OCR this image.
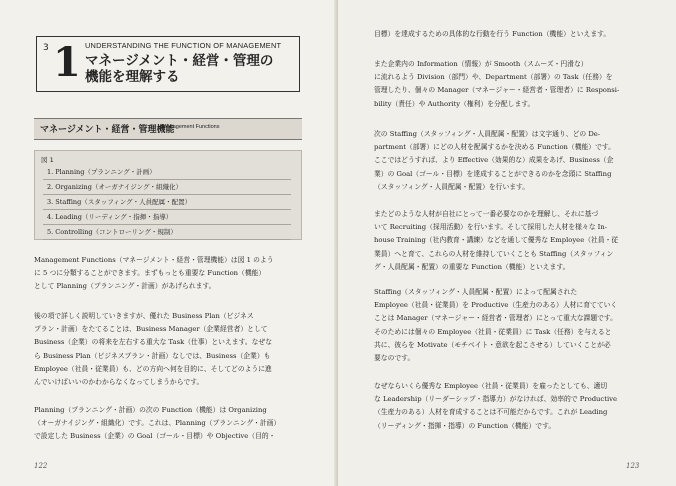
3 1 UNDERSTANDING THE FUNCTION OF MANAGEMENT
マネージメント・経営・管理の
機能を理解する
マネージメント・経営・管理機能
Management Functions
図 1
1. Planning（プランニング・計画）
2. Organizing（オーガナイジング・組織化）
3. Staffing（スタッフィング・人員配属・配置）
4. Leading（リーディング・指揮・指導）
5. Controlling（コントローリング・規制）
Management Functions（マネージメント・経営・管理機能）は図 1 のよう
に 5 つに分類することができます。まずもっとも重要な Function（機能）
として Planning（プランニング・計画）があげられます。
後の項で詳しく説明していきますが、優れた Business Plan（ビジネス
プラン・計画）をたてることは、Business Manager（企業経営者）として
Business（企業）の将来を左右する重大な Task（仕事）といえます。なぜな
ら Business Plan（ビジネスプラン・計画）なしでは、Business（企業）も
Employee（社員・従業員）も、どの方向へ何を目的に、そしてどのように進
んでいけばいいのかわからなくなってしまうからです。
Planning（プランニング・計画）の次の Function（機能）は Organizing
（オーガナイジング・組織化）です。これは、Planning（プランニング・計画）
で設定した Business（企業）の Goal（ゴール・目標）や Objective（目的・
122
目標）を達成するための具体的な行動を行う Function（機能）といえます。
また企業内の Information（情報）が Smooth（スムーズ・円滑な）
に流れるよう Division（部門）や、Department（部署）の Task（任務）を
管理したり、個々の Manager（マネージャー・経営者・管理者）に Responsi-
bility（責任）や Authority（権利）を分配します。
次の Staffing（スタッフィング・人員配属・配置）は文字通り、どの De-
partment（部署）にどの人材を配属するかを決める Function（機能）です。
ここではどうすれば、より Effective（効果的な）成果をあげ、Business（企
業）の Goal（ゴール・目標）を達成することができるのかを念頭に Staffing
（スタッフィング・人員配属・配置）を行います。
またどのような人材が自社にとって一番必要なのかを理解し、それに基づ
いて Recruiting（採用活動）を行います。そして採用した人材を様々な In-
house Training（社内教育・講練）などを通して優秀な Employee（社員・従
業員）へと育て、これらの人材を維持していくことも Staffing（スタッフィン
グ・人員配属・配置）の重要な Function（機能）といえます。
Staffing（スタッフィング・人員配属・配置）によって配属された
Employee（社員・従業員）を Productive（生産力のある）人材に育てていく
ことは Manager（マネージャー・経営者・管理者）にとって重大な課題です。
そのためには個々の Employee（社員・従業員）に Task（任務）を与えると
共に、彼らを Motivate（モチベイト・意欲を起こさせる）していくことが必
要なのです。
なぜならいくら優秀な Employee（社員・従業員）を雇ったとしても、適切
な Leadership（リーダーシップ・指導力）がなければ、効率的で Productive
（生産力のある）人材を育成することは不可能だからです。これが Leading
（リーディング・指揮・指導）の Function（機能）です。
123
